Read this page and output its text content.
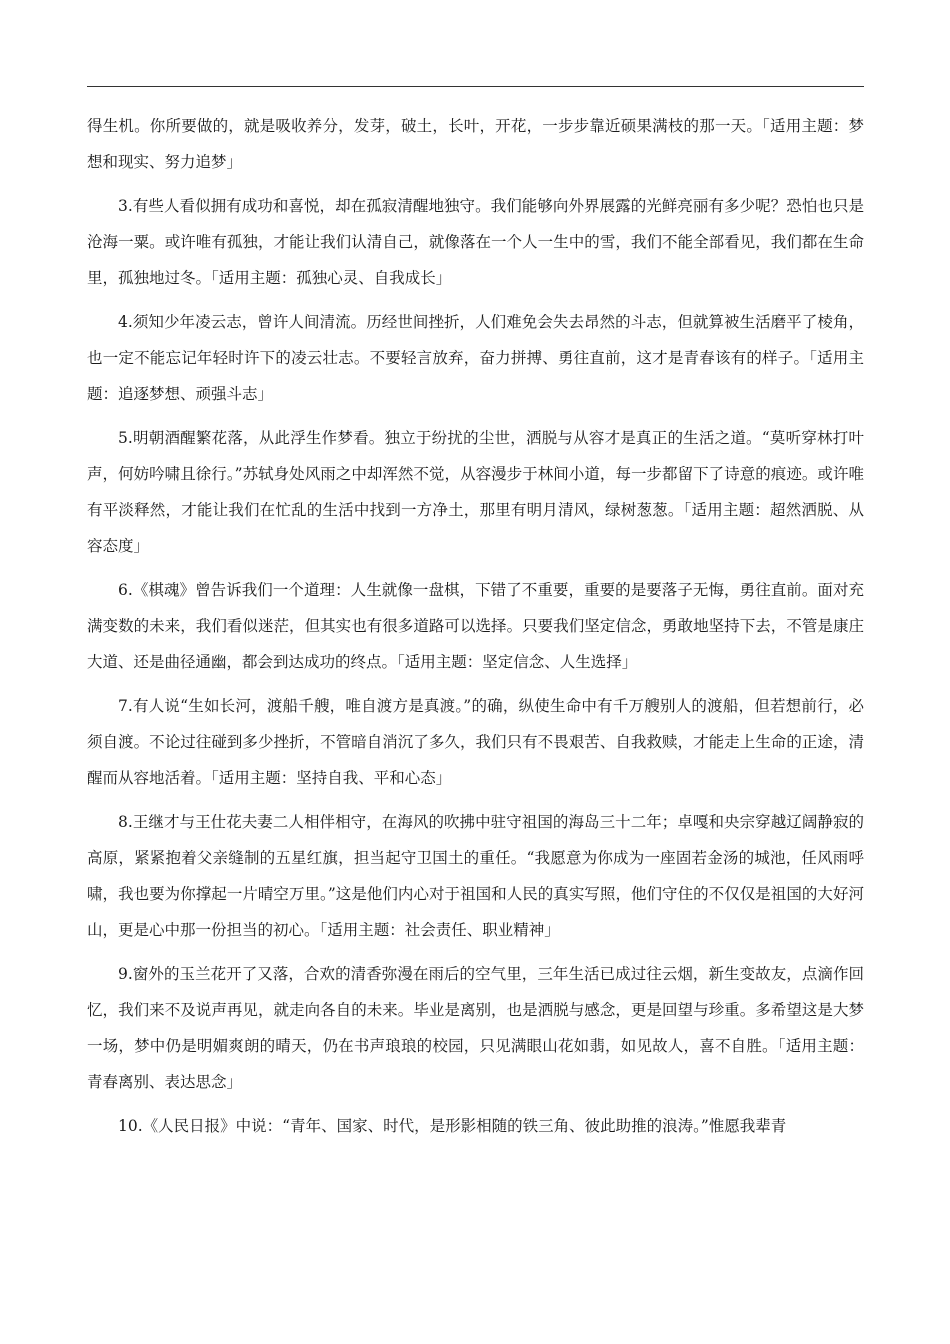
得生机。你所要做的，就是吸收养分，发芽，破土，长叶，开花，一步步靠近硕果满枝的那一天。「适用主题：梦想和现实、努力追梦」

3.有些人看似拥有成功和喜悦，却在孤寂清醒地独守。我们能够向外界展露的光鲜亮丽有多少呢？恐怕也只是沧海一粟。或许唯有孤独，才能让我们认清自己，就像落在一个人一生中的雪，我们不能全部看见，我们都在生命里，孤独地过冬。「适用主题：孤独心灵、自我成长」

4.须知少年凌云志，曾许人间清流。历经世间挫折，人们难免会失去昂然的斗志，但就算被生活磨平了棱角，也一定不能忘记年轻时许下的凌云壮志。不要轻言放弃，奋力拼搏、勇往直前，这才是青春该有的样子。「适用主题：追逐梦想、顽强斗志」

5.明朝酒醒繁花落，从此浮生作梦看。独立于纷扰的尘世，洒脱与从容才是真正的生活之道。“莫听穿林打叶声，何妨吟啸且徐行。”苏轼身处风雨之中却浑然不觉，从容漫步于林间小道，每一步都留下了诗意的痕迹。或许唯有平淡释然，才能让我们在忙乱的生活中找到一方净土，那里有明月清风，绿树葱葱。「适用主题：超然洒脱、从容态度」

6.《棋魂》曾告诉我们一个道理：人生就像一盘棋，下错了不重要，重要的是要落子无悔，勇往直前。面对充满变数的未来，我们看似迷茫，但其实也有很多道路可以选择。只要我们坚定信念，勇敢地坚持下去，不管是康庄大道、还是曲径通幽，都会到达成功的终点。「适用主题：坚定信念、人生选择」

7.有人说“生如长河，渡船千艘，唯自渡方是真渡。”的确，纵使生命中有千万艘别人的渡船，但若想前行，必须自渡。不论过往碰到多少挫折，不管暗自消沉了多久，我们只有不畏艰苦、自我救赎，才能走上生命的正途，清醒而从容地活着。「适用主题：坚持自我、平和心态」

8.王继才与王仕花夫妻二人相伴相守，在海风的吹拂中驻守祖国的海岛三十二年；卓嘎和央宗穿越辽阔静寂的高原，紧紧抱着父亲缝制的五星红旗，担当起守卫国土的重任。“我愿意为你成为一座固若金汤的城池，任风雨呼啸，我也要为你撑起一片晴空万里。”这是他们内心对于祖国和人民的真实写照，他们守住的不仅仅是祖国的大好河山，更是心中那一份担当的初心。「适用主题：社会责任、职业精神」

9.窗外的玉兰花开了又落，合欢的清香弥漫在雨后的空气里，三年生活已成过往云烟，新生变故友，点滴作回忆，我们来不及说声再见，就走向各自的未来。毕业是离别，也是洒脱与感念，更是回望与珍重。多希望这是大梦一场，梦中仍是明媚爽朗的晴天，仍在书声琅琅的校园，只见满眼山花如翡，如见故人，喜不自胜。「适用主题：青春离别、表达思念」

10.《人民日报》中说：“青年、国家、时代，是形影相随的铁三角、彼此助推的浪涛。”惟愿我辈青
